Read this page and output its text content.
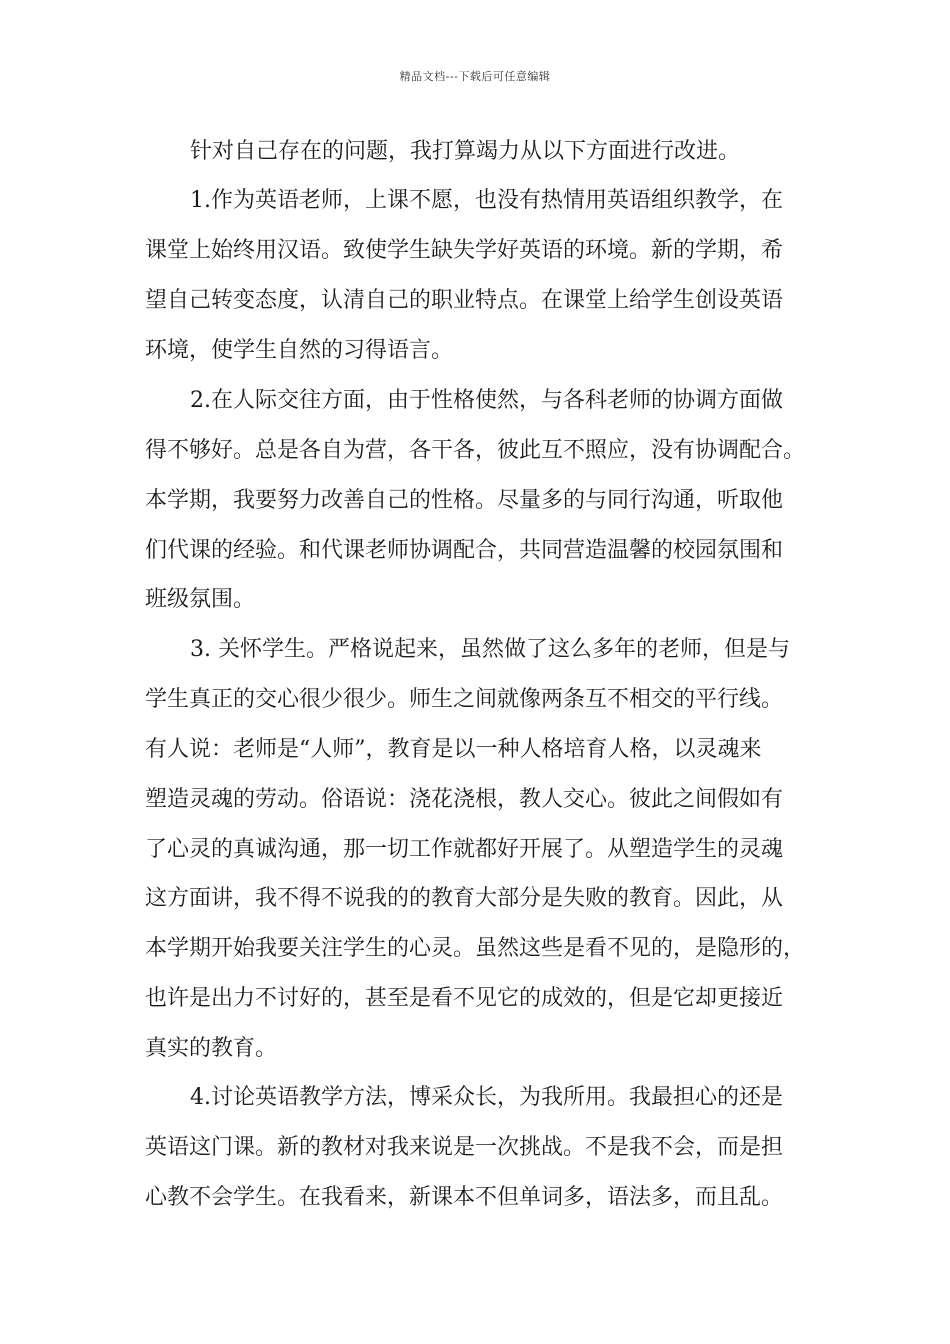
精品文档---下载后可任意编辑
针对自己存在的问题，我打算竭力从以下方面进行改进。
1.作为英语老师，上课不愿，也没有热情用英语组织教学，在
课堂上始终用汉语。致使学生缺失学好英语的环境。新的学期，希
望自己转变态度，认清自己的职业特点。在课堂上给学生创设英语
环境，使学生自然的习得语言。
2.在人际交往方面，由于性格使然，与各科老师的协调方面做
得不够好。总是各自为营，各干各，彼此互不照应，没有协调配合。
本学期，我要努力改善自己的性格。尽量多的与同行沟通，听取他
们代课的经验。和代课老师协调配合，共同营造温馨的校园氛围和
班级氛围。
3. 关怀学生。严格说起来，虽然做了这么多年的老师，但是与
学生真正的交心很少很少。师生之间就像两条互不相交的平行线。
有人说：老师是“人师”，教育是以一种人格培育人格，以灵魂来
塑造灵魂的劳动。俗语说：浇花浇根，教人交心。彼此之间假如有
了心灵的真诚沟通，那一切工作就都好开展了。从塑造学生的灵魂
这方面讲，我不得不说我的的教育大部分是失败的教育。因此，从
本学期开始我要关注学生的心灵。虽然这些是看不见的，是隐形的，
也许是出力不讨好的，甚至是看不见它的成效的，但是它却更接近
真实的教育。
4.讨论英语教学方法，博采众长，为我所用。我最担心的还是
英语这门课。新的教材对我来说是一次挑战。不是我不会，而是担
心教不会学生。在我看来，新课本不但单词多，语法多，而且乱。
